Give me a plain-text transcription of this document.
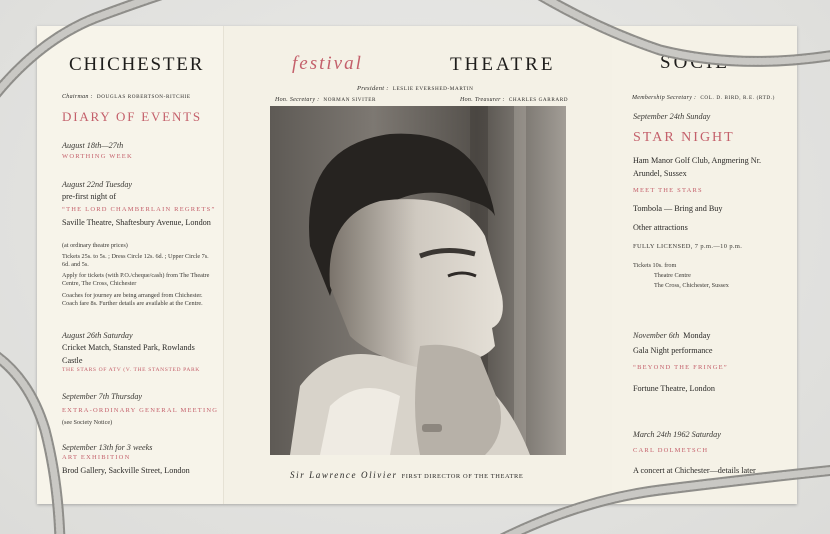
CHICHESTER
Chairman : DOUGLAS ROBERTSON-RITCHIE
DIARY OF EVENTS
August 18th—27th
WORTHING WEEK
August 22nd Tuesday
pre-first night of
“THE LORD CHAMBERLAIN REGRETS”
Saville Theatre, Shaftesbury Avenue, London
(at ordinary theatre prices)
Tickets 25s. to 5s. ; Dress Circle 12s. 6d. ; Upper Circle 7s. 6d. and 5s.
Apply for tickets (with P.O./cheque/cash) from The Theatre Centre, The Cross, Chichester
Coaches for journey are being arranged from Chichester. Coach fare 8s. Further details are available at the Centre.
August 26th Saturday
Cricket Match, Stansted Park, Rowlands Castle
THE STARS OF ATV (V. THE STANSTED PARK
September 7th Thursday
EXTRA-ORDINARY GENERAL MEETING
(see Society Notice)
September 13th for 3 weeks
ART EXHIBITION
Brod Gallery, Sackville Street, London
festival	THEATRE
President : LESLIE EVERSHED-MARTIN
Hon. Secretary : NORMAN SIVITER	Hon. Treasurer : CHARLES GARRARD
Sir Lawrence Olivier FIRST DIRECTOR OF THE THEATRE
SOCIE
Membership Secretary : COL. D. BIRD, R.E. (RTD.)
September 24th Sunday
STAR NIGHT
Ham Manor Golf Club, Angmering Nr. Arundel, Sussex
MEET THE STARS
Tombola — Bring and Buy
Other attractions
FULLY LICENSED, 7 p.m.—10 p.m.
Tickets 10s. from
Theatre Centre
The Cross, Chichester, Sussex
November 6th Monday
Gala Night performance
“BEYOND THE FRINGE”
Fortune Theatre, London
March 24th 1962 Saturday
CARL DOLMETSCH
A concert at Chichester—details later
